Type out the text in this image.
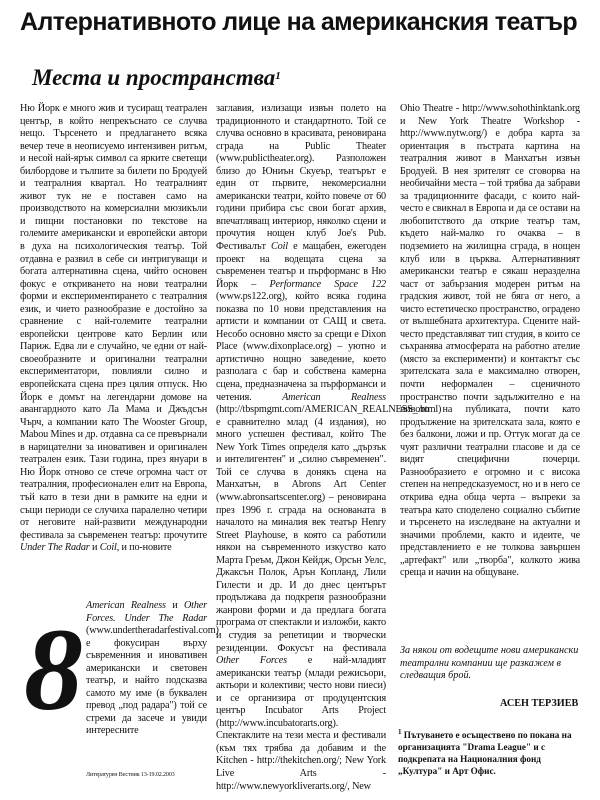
Алтернативното лице на американския театър
Места и пространства$^1$

Ню Йорк е много жив и тусиращ театрален център, в който непрекъснато се случва нещо. Търсенето и предлагането всяка вечер тече в неописуемо интензивен ритъм, и несой най-ярък символ са ярките светещи билбордове и тълпите за билети по Бродуей и театралния квартал. Но театралният живот тук не е поставен само на производството на комерсиални мюзикъли и пищни постановки по текстове на големите американски и европейски автори в духа на психологическия театър. Той отдавна е развил в себе си интригуващи и богата алтернативна сцена, чийто основен фокус е откриването на нови театрални форми и експериментирането с театралния език, и чието разнообразие е достойно за сравнение с най-големите театрални европейски центрове като Берлин или Париж. Едва ли е случайно, че едни от най-своеобразните и оригинални театрални експериментатори, повлияли силно и европейската сцена през цялия отпуск. Ню Йорк е домът на легендарни домове на авангардното като Ла Мама и Джъдсън Чърч, а компании като The Wooster Group, Mabou Mines и др. отдавна са се превърнали в нарицателни за иновативен и оригинален театрален език. Тази година, през януари в Ню Йорк отново се стече огромна част от театралния, професионален елит на Европа, тъй като в тези дни в рамките на едни и същи периоди се случиха паралелно четири от неговите най-развити международни фестивала за съвременен театър: прочутите Under The Radar и Coil, и по-новите

American Realness и Other Forces. Under The Radar (www.undertheradarfestival.com) е фокусиран върху съвременния и иновативен американски и световен театър, и найто подсказва самото му име (в буквален превод „под радара") той се стреми да засече и увиди интересните

8
Литературен Вестник 13-19.02.2003

заглавия, излизащи извън полето на традиционното и стандартното. Той се случва основно в красивата, реновирана сграда на Public Theater (www.publictheater.org). Разположен близо до Юниън Скуеър, театърът е един от първите, некомерсиални американски театри, който повече от 60 години прибира със свои богат архив, впечатляващ интериор, няколко сцени и прочутия нощен клуб Joe's Pub. Фестивалът Coil е мащабен, ежегоден проект на водещата сцена за съвременен театър и пърформанс в Ню Йорк – Performance Space 122 (www.ps122.org), който всяка година показва по 10 нови представления на артисти и компании от САЩ и света. Несобо основно място за срещи е Dixon Place (www.dixonplace.org) – уютно и артистично нощно заведение, което разполага с бар и собствена камерна сцена, предназначена за пърформанси и четения. American Realness (http://tbspmgmt.com/AMERICAN_REALNESS_.html) е сравнително млад (4 издания), но много успешен фестивал, който The New York Times определя като „дързък и интелигентен" и „силно съвременен". Той се случва в донякъ сцена на Манхатън, в Abrons Art Center (www.abronsartscenter.org) – реновирана през 1996 г. сграда на основаната в началото на миналия век театър Henry Street Playhouse, в която са работили някои на съвременното изкуство като Марта Греъм, Джон Кейдж, Орсън Уелс, Джаксън Полок, Арън Копланд, Лили Гилести и др. И до днес центърът продължава да подкрепя разнообразни жанрови форми и да предлага богата програма от спектакли и изложби, както и студия за репетиции и творчески резиденции. Фокусът на фестивала Other Forces е най-младият американски театър (млади режисьори, актьори и колективи; често нови пиеси) и се организира от продуцентския център Incubator Arts Project (http://www.incubatorarts.org). Спектаклите на тези места и фестивали (към тях трябва да добавим и the Kitchen - http://thekitchen.org/; New York Live Arts - http://www.newyorkliverarts.org/, New

Ohio Theatre - http://www.sohothinktank.org и New York Theatre Workshop - http://www.nytw.org/) е добра карта за ориентация в пъстрата картина на театралния живот в Манхатън извън Бродуей. В нея зрителят се сговорва на необичайни места – той трябва да забрави за традиционните фасади, с които най-често е свикнал в Европа и да се остави на любопитството да открие театър там, където най-малко го очаква – в подземието на жилищна сграда, в нощен клуб или в църква. Алтернативният американски театър е сякаш неразделна част от забързания модерен ритъм на градския живот, той не бяга от него, а чисто естетическо пространство, оградено от вълшебната архитектура. Сцените най-често представляват тип студия, в които се съхранява атмосферата на работно ателие (място за експерименти) и контактът със зрителската зала е максимално отворен, почти неформален – сценичното пространство почти задължително е на нивото на публиката, почти като продължение на зрителската зала, която е без балкони, ложи и пр. Оттук могат да се чуят различни театрални гласове и да се видят специфични почерци. Разнообразието е огромно и с висока степен на непредсказуемост, но и в него се открива една обща черта – въпреки за театъра като споделено социално събитие и търсенето на изследване на актуални и значими проблеми, както и идеите, че представлението е не толкова завършен „артефакт" или „творба", колкото жива среща и начин на общуване.

За някои от водещите нови американски театрални компании ще разкажем в следващия брой.
АСЕН ТЕРЗИЕВ
$^1$ Пътуването е осъществено по покана на организацията "Drama League" и с подкрепата на Националния фонд „Култура" и Арт Офис.
